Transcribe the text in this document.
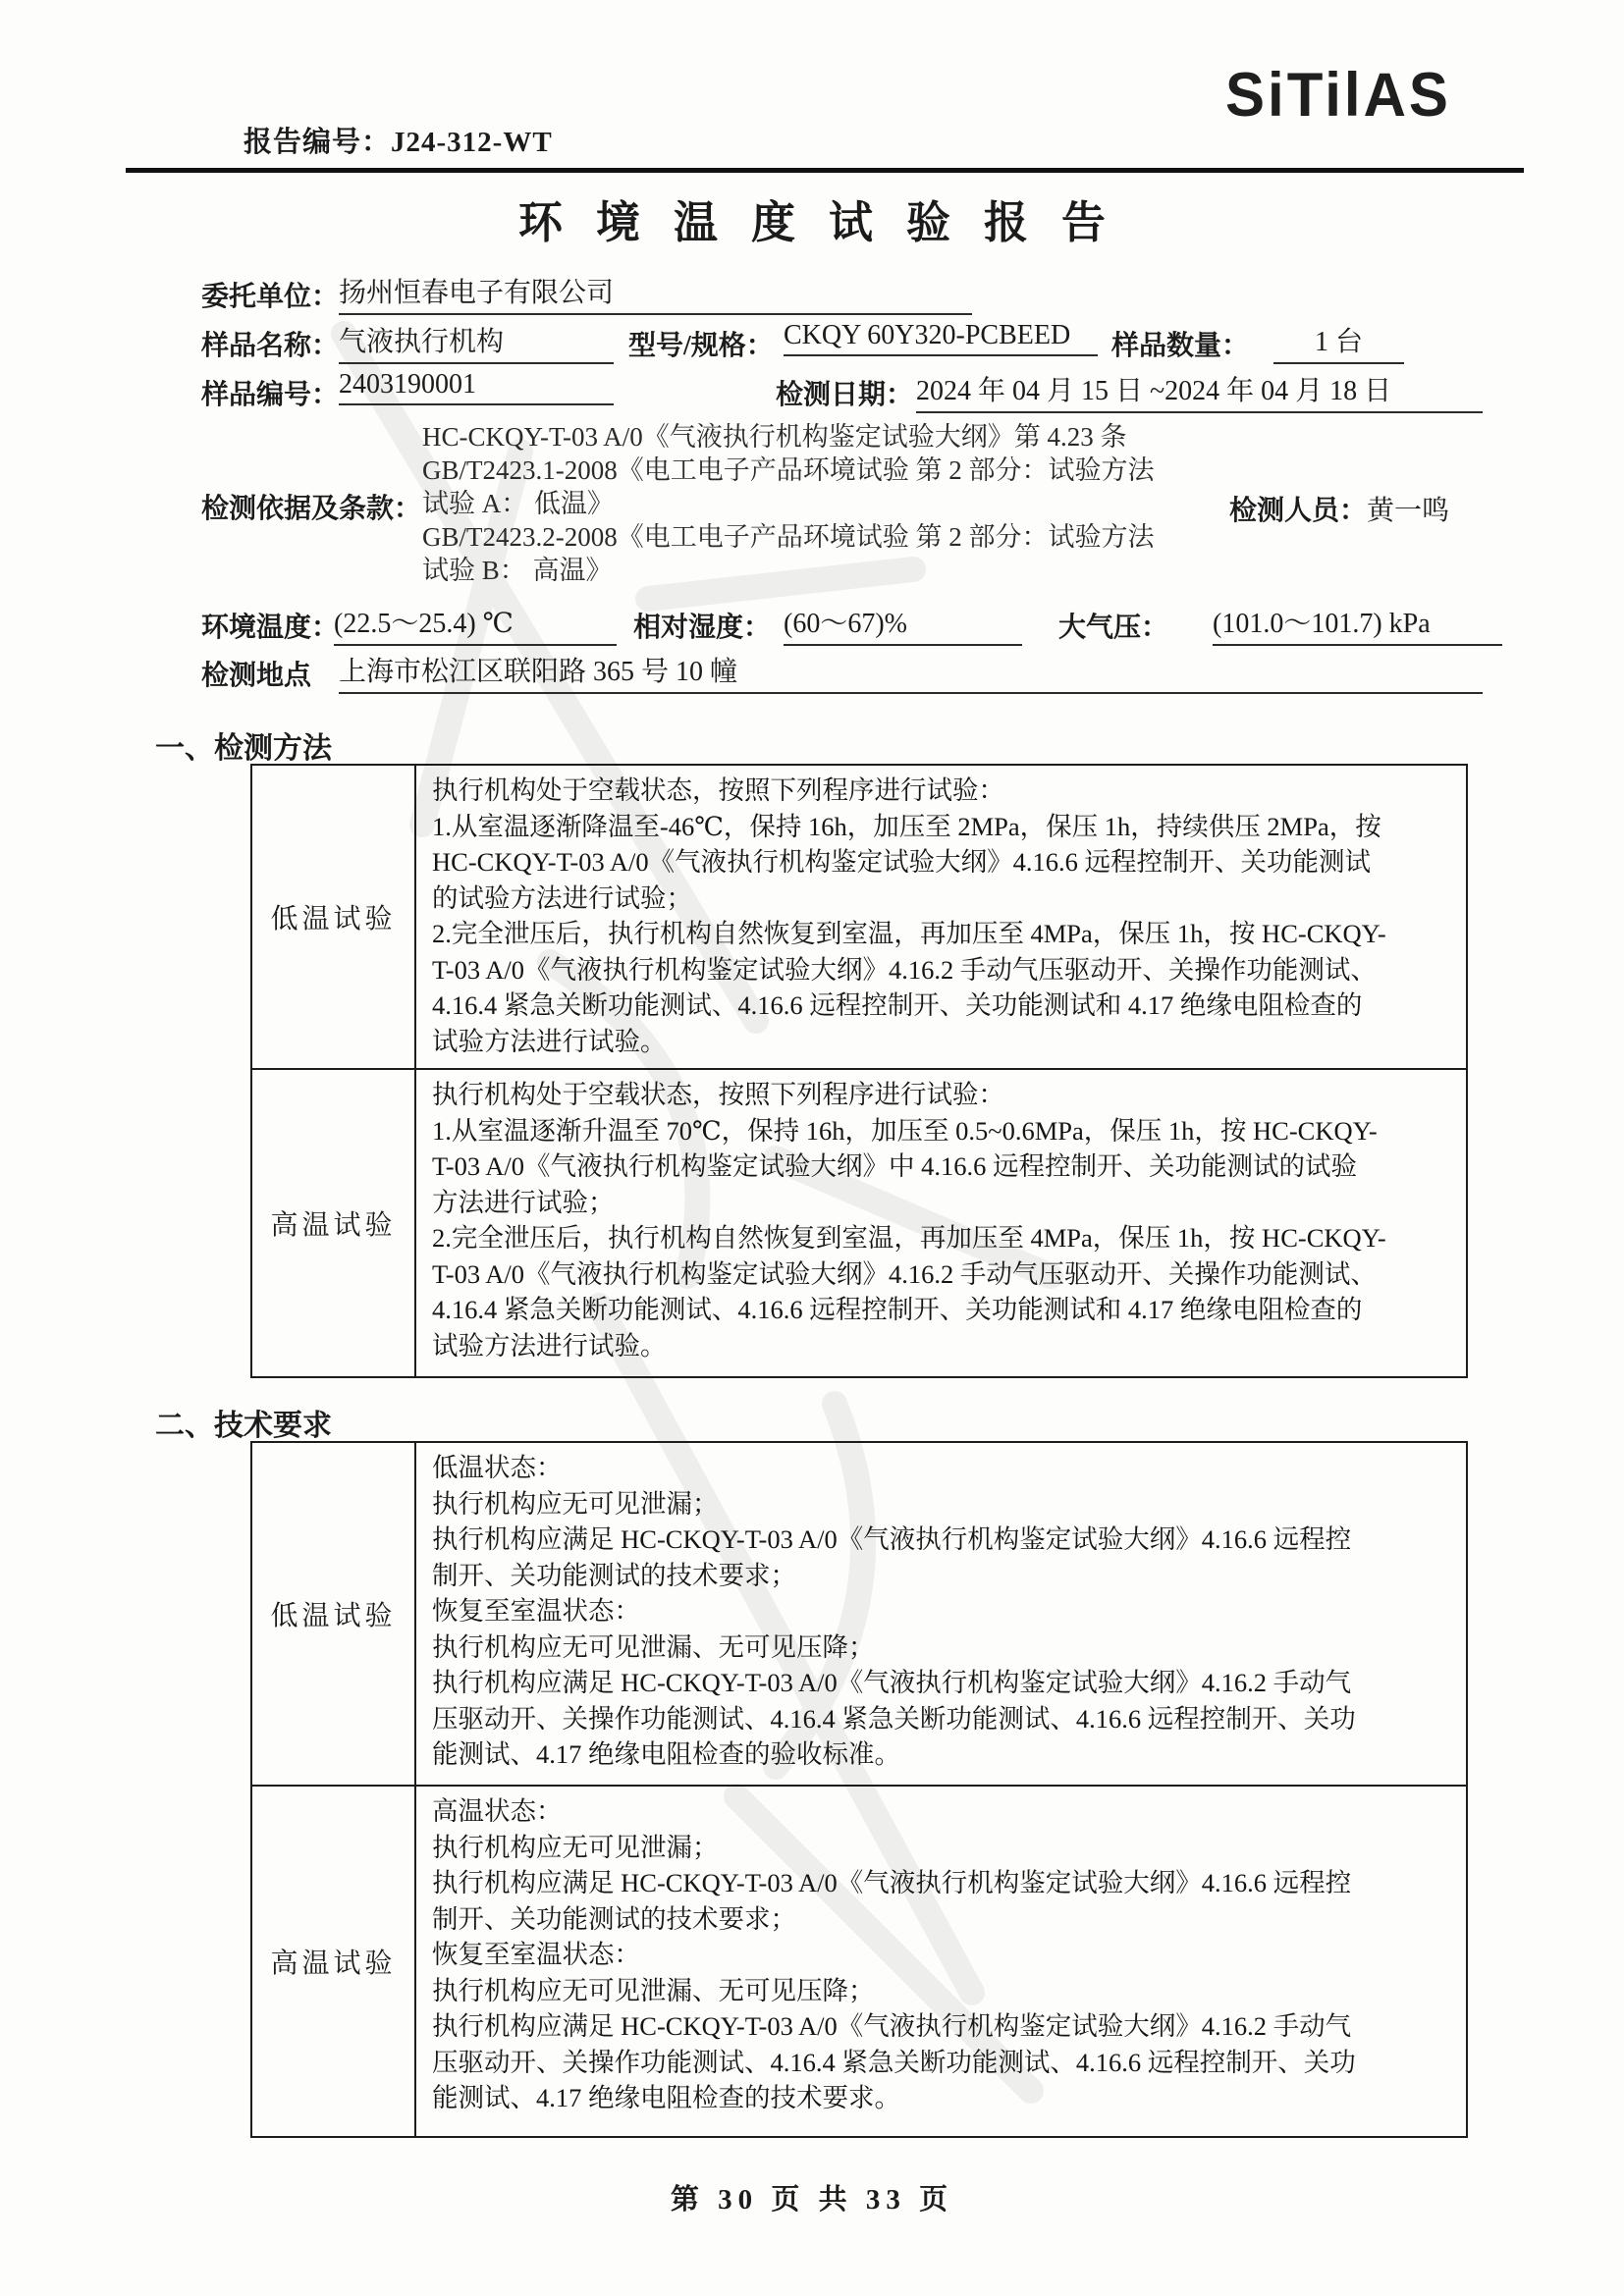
报告编号：J24-312-WT
SiTilAS
环境温度试验报告
委托单位： 扬州恒春电子有限公司
样品名称： 气液执行机构	型号/规格： CKQY 60Y320-PCBEED	样品数量：	1 台
样品编号： 2403190001	检测日期： 2024 年 04 月 15 日 ~2024 年 04 月 18 日
检测依据及条款：
HC-CKQY-T-03 A/0《气液执行机构鉴定试验大纲》第 4.23 条
GB/T2423.1-2008《电工电子产品环境试验 第 2 部分：试验方法
试验 A： 低温》
GB/T2423.2-2008《电工电子产品环境试验 第 2 部分：试验方法
试验 B： 高温》
检测人员：黄一鸣
环境温度：
(22.5～25.4) ℃	相对湿度： (60～67)%	大气压： (101.0～101.7) kPa
检测地点 上海市松江区联阳路 365 号 10 幢
一、检测方法
低温试验
执行机构处于空载状态，按照下列程序进行试验：
1.从室温逐渐降温至-46℃，保持 16h，加压至 2MPa，保压 1h，持续供压 2MPa，按
HC-CKQY-T-03 A/0《气液执行机构鉴定试验大纲》4.16.6 远程控制开、关功能测试
的试验方法进行试验；
2.完全泄压后，执行机构自然恢复到室温，再加压至 4MPa，保压 1h，按 HC-CKQY-
T-03 A/0《气液执行机构鉴定试验大纲》4.16.2 手动气压驱动开、关操作功能测试、
4.16.4 紧急关断功能测试、4.16.6 远程控制开、关功能测试和 4.17 绝缘电阻检查的
试验方法进行试验。
高温试验
执行机构处于空载状态，按照下列程序进行试验：
1.从室温逐渐升温至 70℃，保持 16h，加压至 0.5~0.6MPa，保压 1h，按 HC-CKQY-
T-03 A/0《气液执行机构鉴定试验大纲》中 4.16.6 远程控制开、关功能测试的试验
方法进行试验；
2.完全泄压后，执行机构自然恢复到室温，再加压至 4MPa，保压 1h，按 HC-CKQY-
T-03 A/0《气液执行机构鉴定试验大纲》4.16.2 手动气压驱动开、关操作功能测试、
4.16.4 紧急关断功能测试、4.16.6 远程控制开、关功能测试和 4.17 绝缘电阻检查的
试验方法进行试验。
二、技术要求
低温试验
低温状态：
执行机构应无可见泄漏；
执行机构应满足 HC-CKQY-T-03 A/0《气液执行机构鉴定试验大纲》4.16.6 远程控
制开、关功能测试的技术要求；
恢复至室温状态：
执行机构应无可见泄漏、无可见压降；
执行机构应满足 HC-CKQY-T-03 A/0《气液执行机构鉴定试验大纲》4.16.2 手动气
压驱动开、关操作功能测试、4.16.4 紧急关断功能测试、4.16.6 远程控制开、关功
能测试、4.17 绝缘电阻检查的验收标准。
高温试验
高温状态：
执行机构应无可见泄漏；
执行机构应满足 HC-CKQY-T-03 A/0《气液执行机构鉴定试验大纲》4.16.6 远程控
制开、关功能测试的技术要求；
恢复至室温状态：
执行机构应无可见泄漏、无可见压降；
执行机构应满足 HC-CKQY-T-03 A/0《气液执行机构鉴定试验大纲》4.16.2 手动气
压驱动开、关操作功能测试、4.16.4 紧急关断功能测试、4.16.6 远程控制开、关功
能测试、4.17 绝缘电阻检查的技术要求。
第 30 页 共 33 页
